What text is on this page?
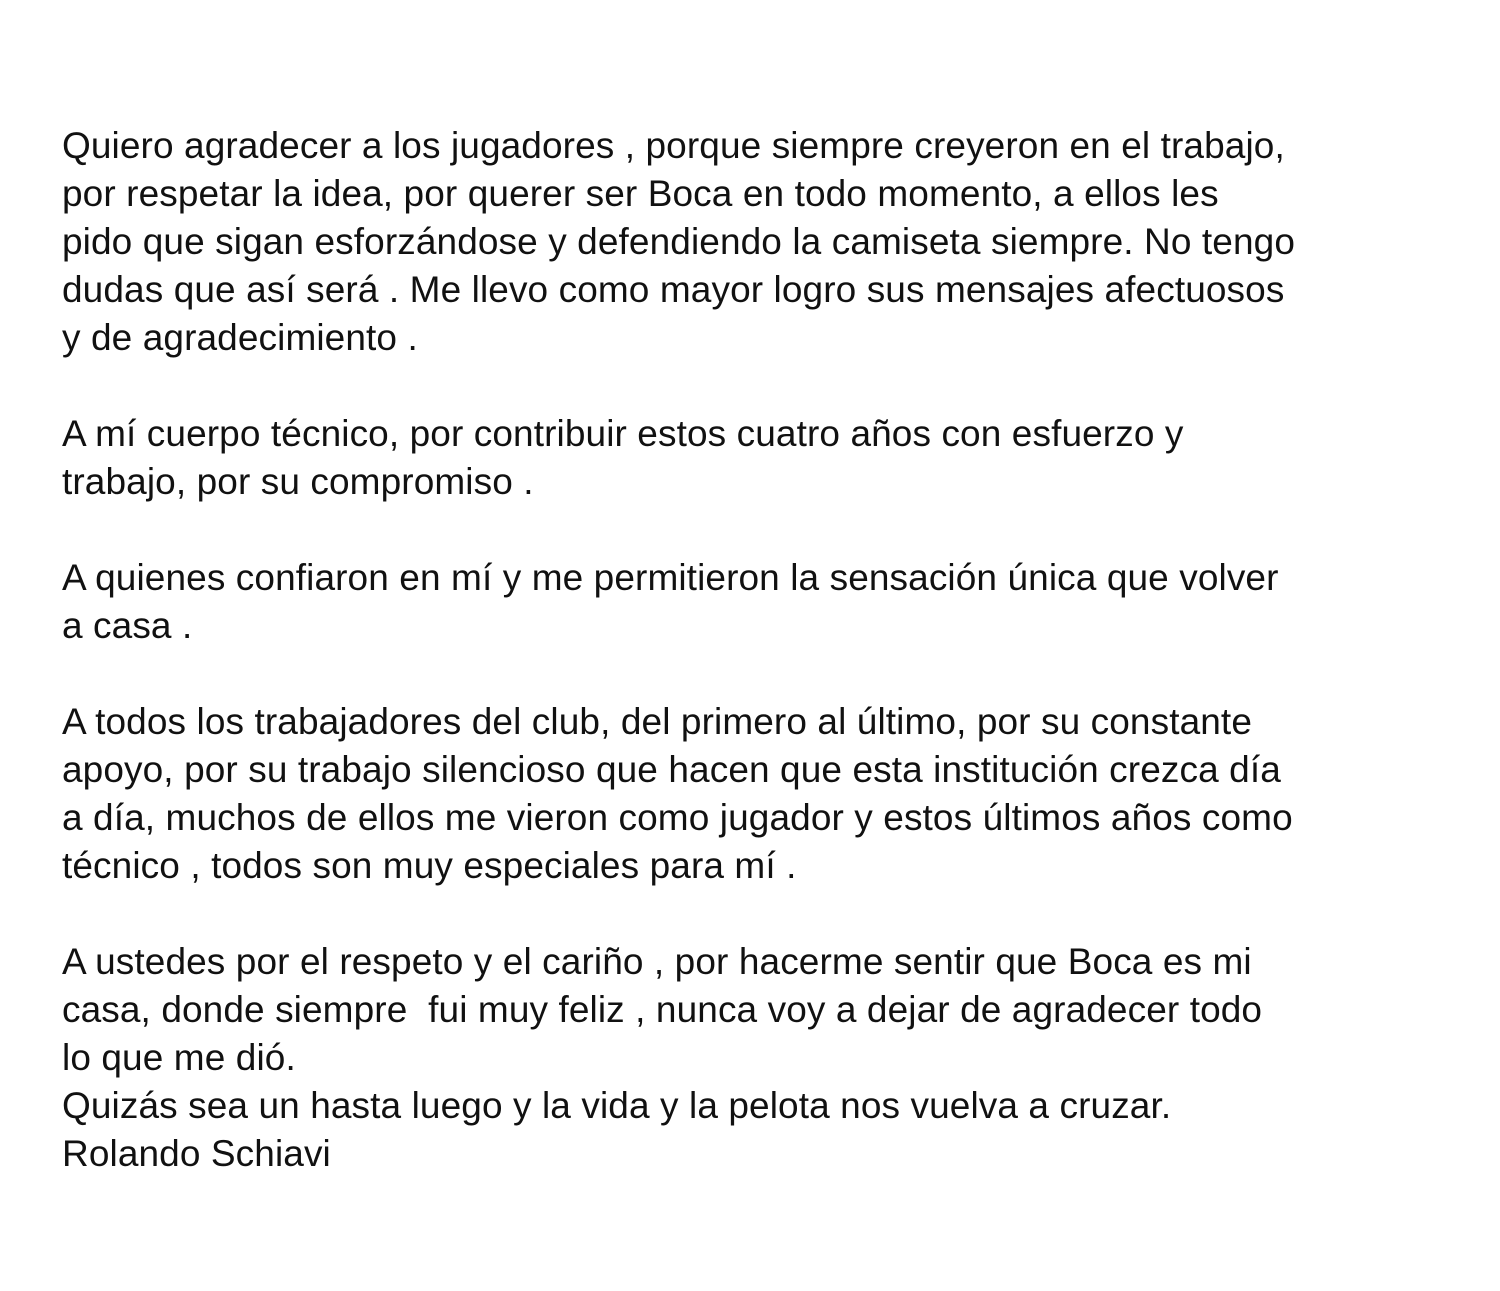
Quiero agradecer a los jugadores , porque siempre creyeron en el trabajo,
por respetar la idea, por querer ser Boca en todo momento, a ellos les
pido que sigan esforzándose y defendiendo la camiseta siempre. No tengo
dudas que así será . Me llevo como mayor logro sus mensajes afectuosos
y de agradecimiento .
A mí cuerpo técnico, por contribuir estos cuatro años con esfuerzo y
trabajo, por su compromiso .
A quienes confiaron en mí y me permitieron la sensación única que volver
a casa .
A todos los trabajadores del club, del primero al último, por su constante
apoyo, por su trabajo silencioso que hacen que esta institución crezca día
a día, muchos de ellos me vieron como jugador y estos últimos años como
técnico , todos son muy especiales para mí .
A ustedes por el respeto y el cariño , por hacerme sentir que Boca es mi
casa, donde siempre  fui muy feliz , nunca voy a dejar de agradecer todo
lo que me dió.
Quizás sea un hasta luego y la vida y la pelota nos vuelva a cruzar.
Rolando Schiavi
